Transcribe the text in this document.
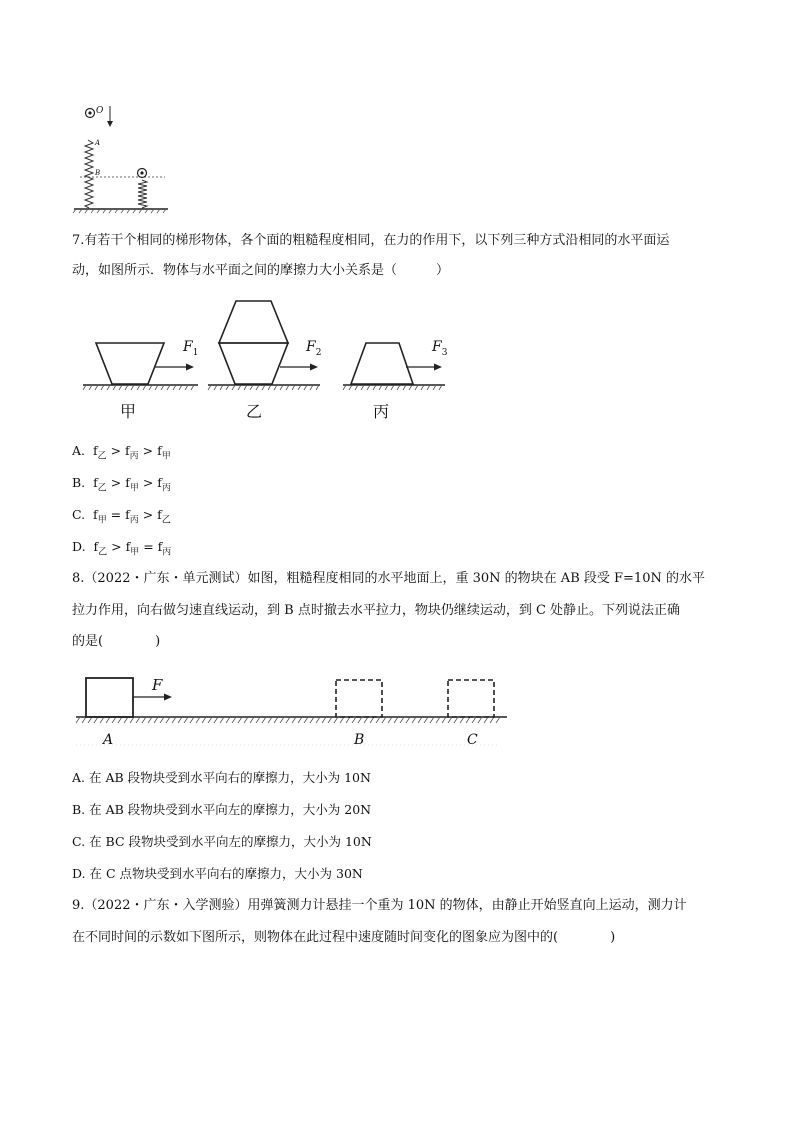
O
A
B
7.有若干个相同的梯形物体，各个面的粗糙程度相同，在力的作用下，以下列三种方式沿相同的水平面运
动，如图所示．物体与水平面之间的摩擦力大小关系是（　　　）
$F_1$	$F_2$	$F_3$
甲	乙	丙
A. $f_乙 > f_丙 > f_甲$
B. $f_乙 > f_甲 > f_丙$
C. $f_甲 = f_丙 > f_乙$
D. $f_乙 > f_甲 = f_丙$
8.（2022・广东・单元测试）如图，粗糙程度相同的水平地面上，重 30N 的物块在 AB 段受 F=10N 的水平
拉力作用，向右做匀速直线运动，到 B 点时撤去水平拉力，物块仍继续运动，到 C 处静止。下列说法正确
的是(　　　　)
F
A	B	C
A. 在 AB 段物块受到水平向右的摩擦力，大小为 10N
B. 在 AB 段物块受到水平向左的摩擦力，大小为 20N
C. 在 BC 段物块受到水平向左的摩擦力，大小为 10N
D. 在 C 点物块受到水平向右的摩擦力，大小为 30N
9.（2022・广东・入学测验）用弹簧测力计悬挂一个重为 10N 的物体，由静止开始竖直向上运动，测力计
在不同时间的示数如下图所示，则物体在此过程中速度随时间变化的图象应为图中的(　　　　)
